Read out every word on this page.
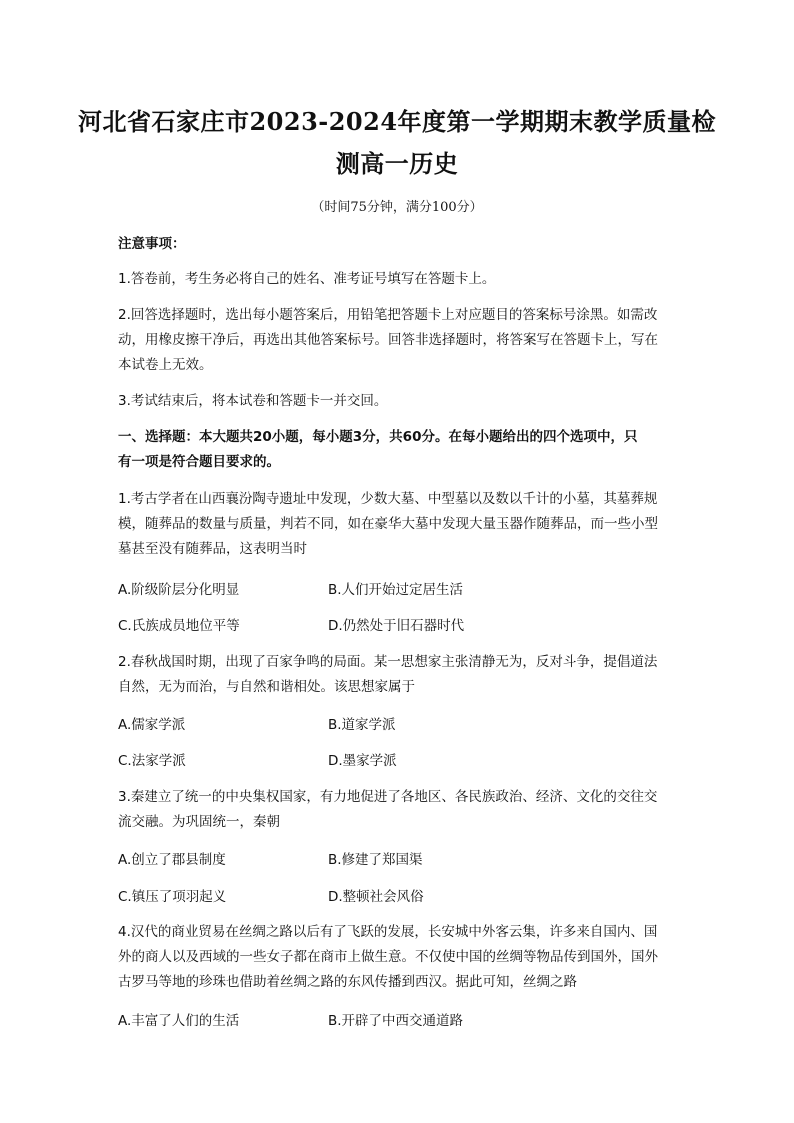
河北省石家庄市2023-2024年度第一学期期末教学质量检
测高一历史
（时间75分钟，满分100分）
注意事项：
1.答卷前，考生务必将自己的姓名、准考证号填写在答题卡上。
2.回答选择题时，选出每小题答案后，用铅笔把答题卡上对应题目的答案标号涂黑。如需改
动，用橡皮擦干净后，再选出其他答案标号。回答非选择题时，将答案写在答题卡上，写在
本试卷上无效。
3.考试结束后，将本试卷和答题卡一并交回。
一、选择题：本大题共20小题，每小题3分，共60分。在每小题给出的四个选项中，只
有一项是符合题目要求的。
1.考古学者在山西襄汾陶寺遗址中发现，少数大墓、中型墓以及数以千计的小墓，其墓葬规
模，随葬品的数量与质量，判若不同，如在豪华大墓中发现大量玉器作随葬品，而一些小型
墓甚至没有随葬品，这表明当时
A.阶级阶层分化明显	B.人们开始过定居生活
C.氏族成员地位平等	D.仍然处于旧石器时代
2.春秋战国时期，出现了百家争鸣的局面。某一思想家主张清静无为，反对斗争，提倡道法
自然，无为而治，与自然和谐相处。该思想家属于
A.儒家学派	B.道家学派
C.法家学派	D.墨家学派
3.秦建立了统一的中央集权国家，有力地促进了各地区、各民族政治、经济、文化的交往交
流交融。为巩固统一，秦朝
A.创立了郡县制度	B.修建了郑国渠
C.镇压了项羽起义	D.整顿社会风俗
4.汉代的商业贸易在丝绸之路以后有了飞跃的发展，长安城中外客云集，许多来自国内、国
外的商人以及西域的一些女子都在商市上做生意。不仅使中国的丝绸等物品传到国外，国外
古罗马等地的珍珠也借助着丝绸之路的东风传播到西汉。据此可知，丝绸之路
A.丰富了人们的生活	B.开辟了中西交通道路
